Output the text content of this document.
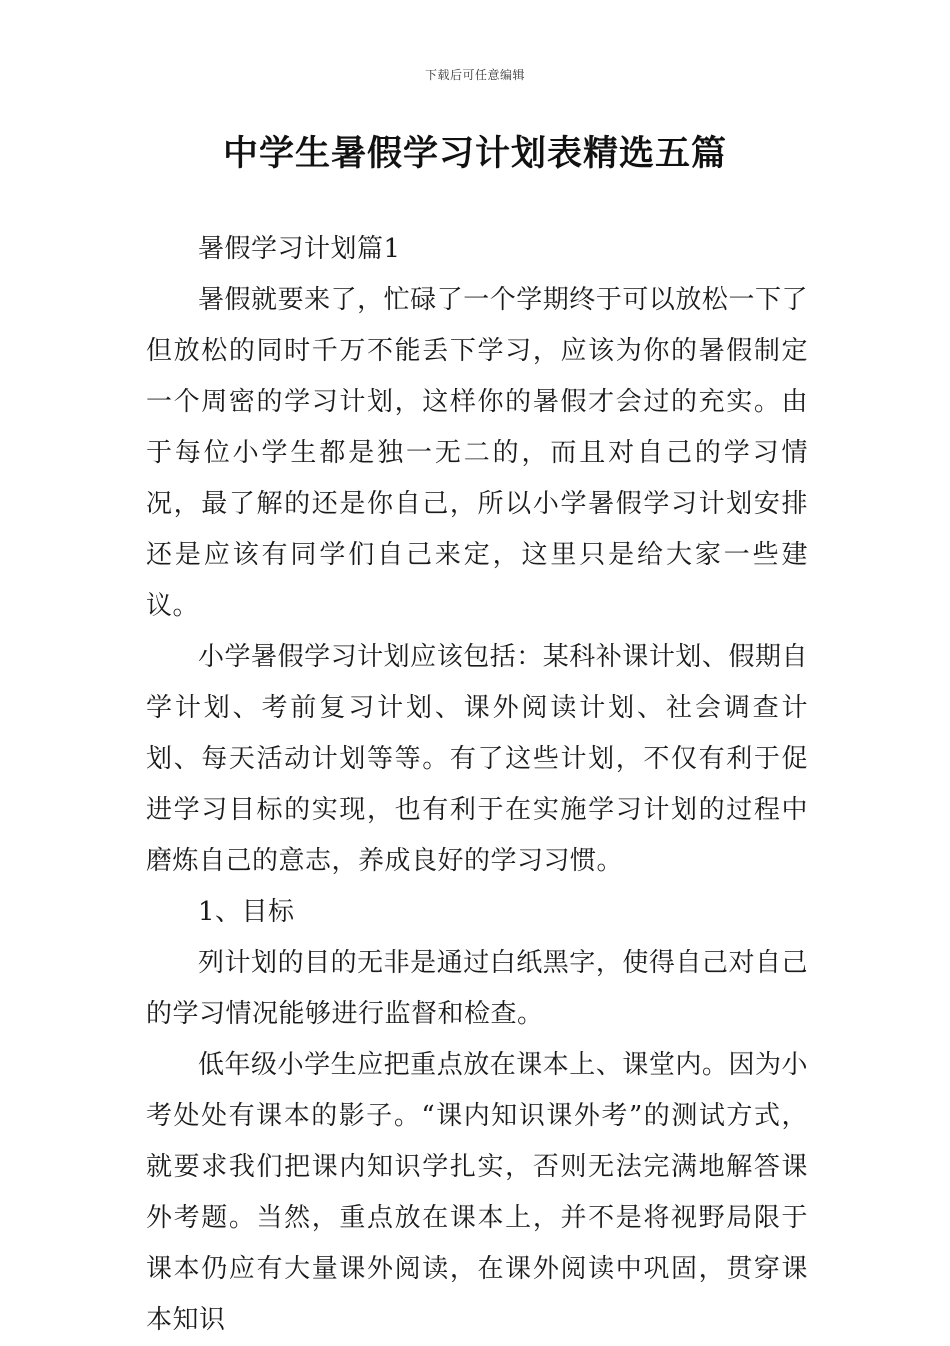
下载后可任意编辑
中学生暑假学习计划表精选五篇

暑假学习计划篇1

暑假就要来了，忙碌了一个学期终于可以放松一下了但放松的同时千万不能丢下学习，应该为你的暑假制定一个周密的学习计划，这样你的暑假才会过的充实。由于每位小学生都是独一无二的，而且对自己的学习情况，最了解的还是你自己，所以小学暑假学习计划安排还是应该有同学们自己来定，这里只是给大家一些建议。

小学暑假学习计划应该包括：某科补课计划、假期自学计划、考前复习计划、课外阅读计划、社会调查计划、每天活动计划等等。有了这些计划，不仅有利于促进学习目标的实现，也有利于在实施学习计划的过程中磨炼自己的意志，养成良好的学习习惯。

1、目标

列计划的目的无非是通过白纸黑字，使得自己对自己的学习情况能够进行监督和检查。

低年级小学生应把重点放在课本上、课堂内。因为小考处处有课本的影子。“课内知识课外考”的测试方式，就要求我们把课内知识学扎实，否则无法完满地解答课外考题。当然，重点放在课本上，并不是将视野局限于课本仍应有大量课外阅读，在课外阅读中巩固，贯穿课本知识
